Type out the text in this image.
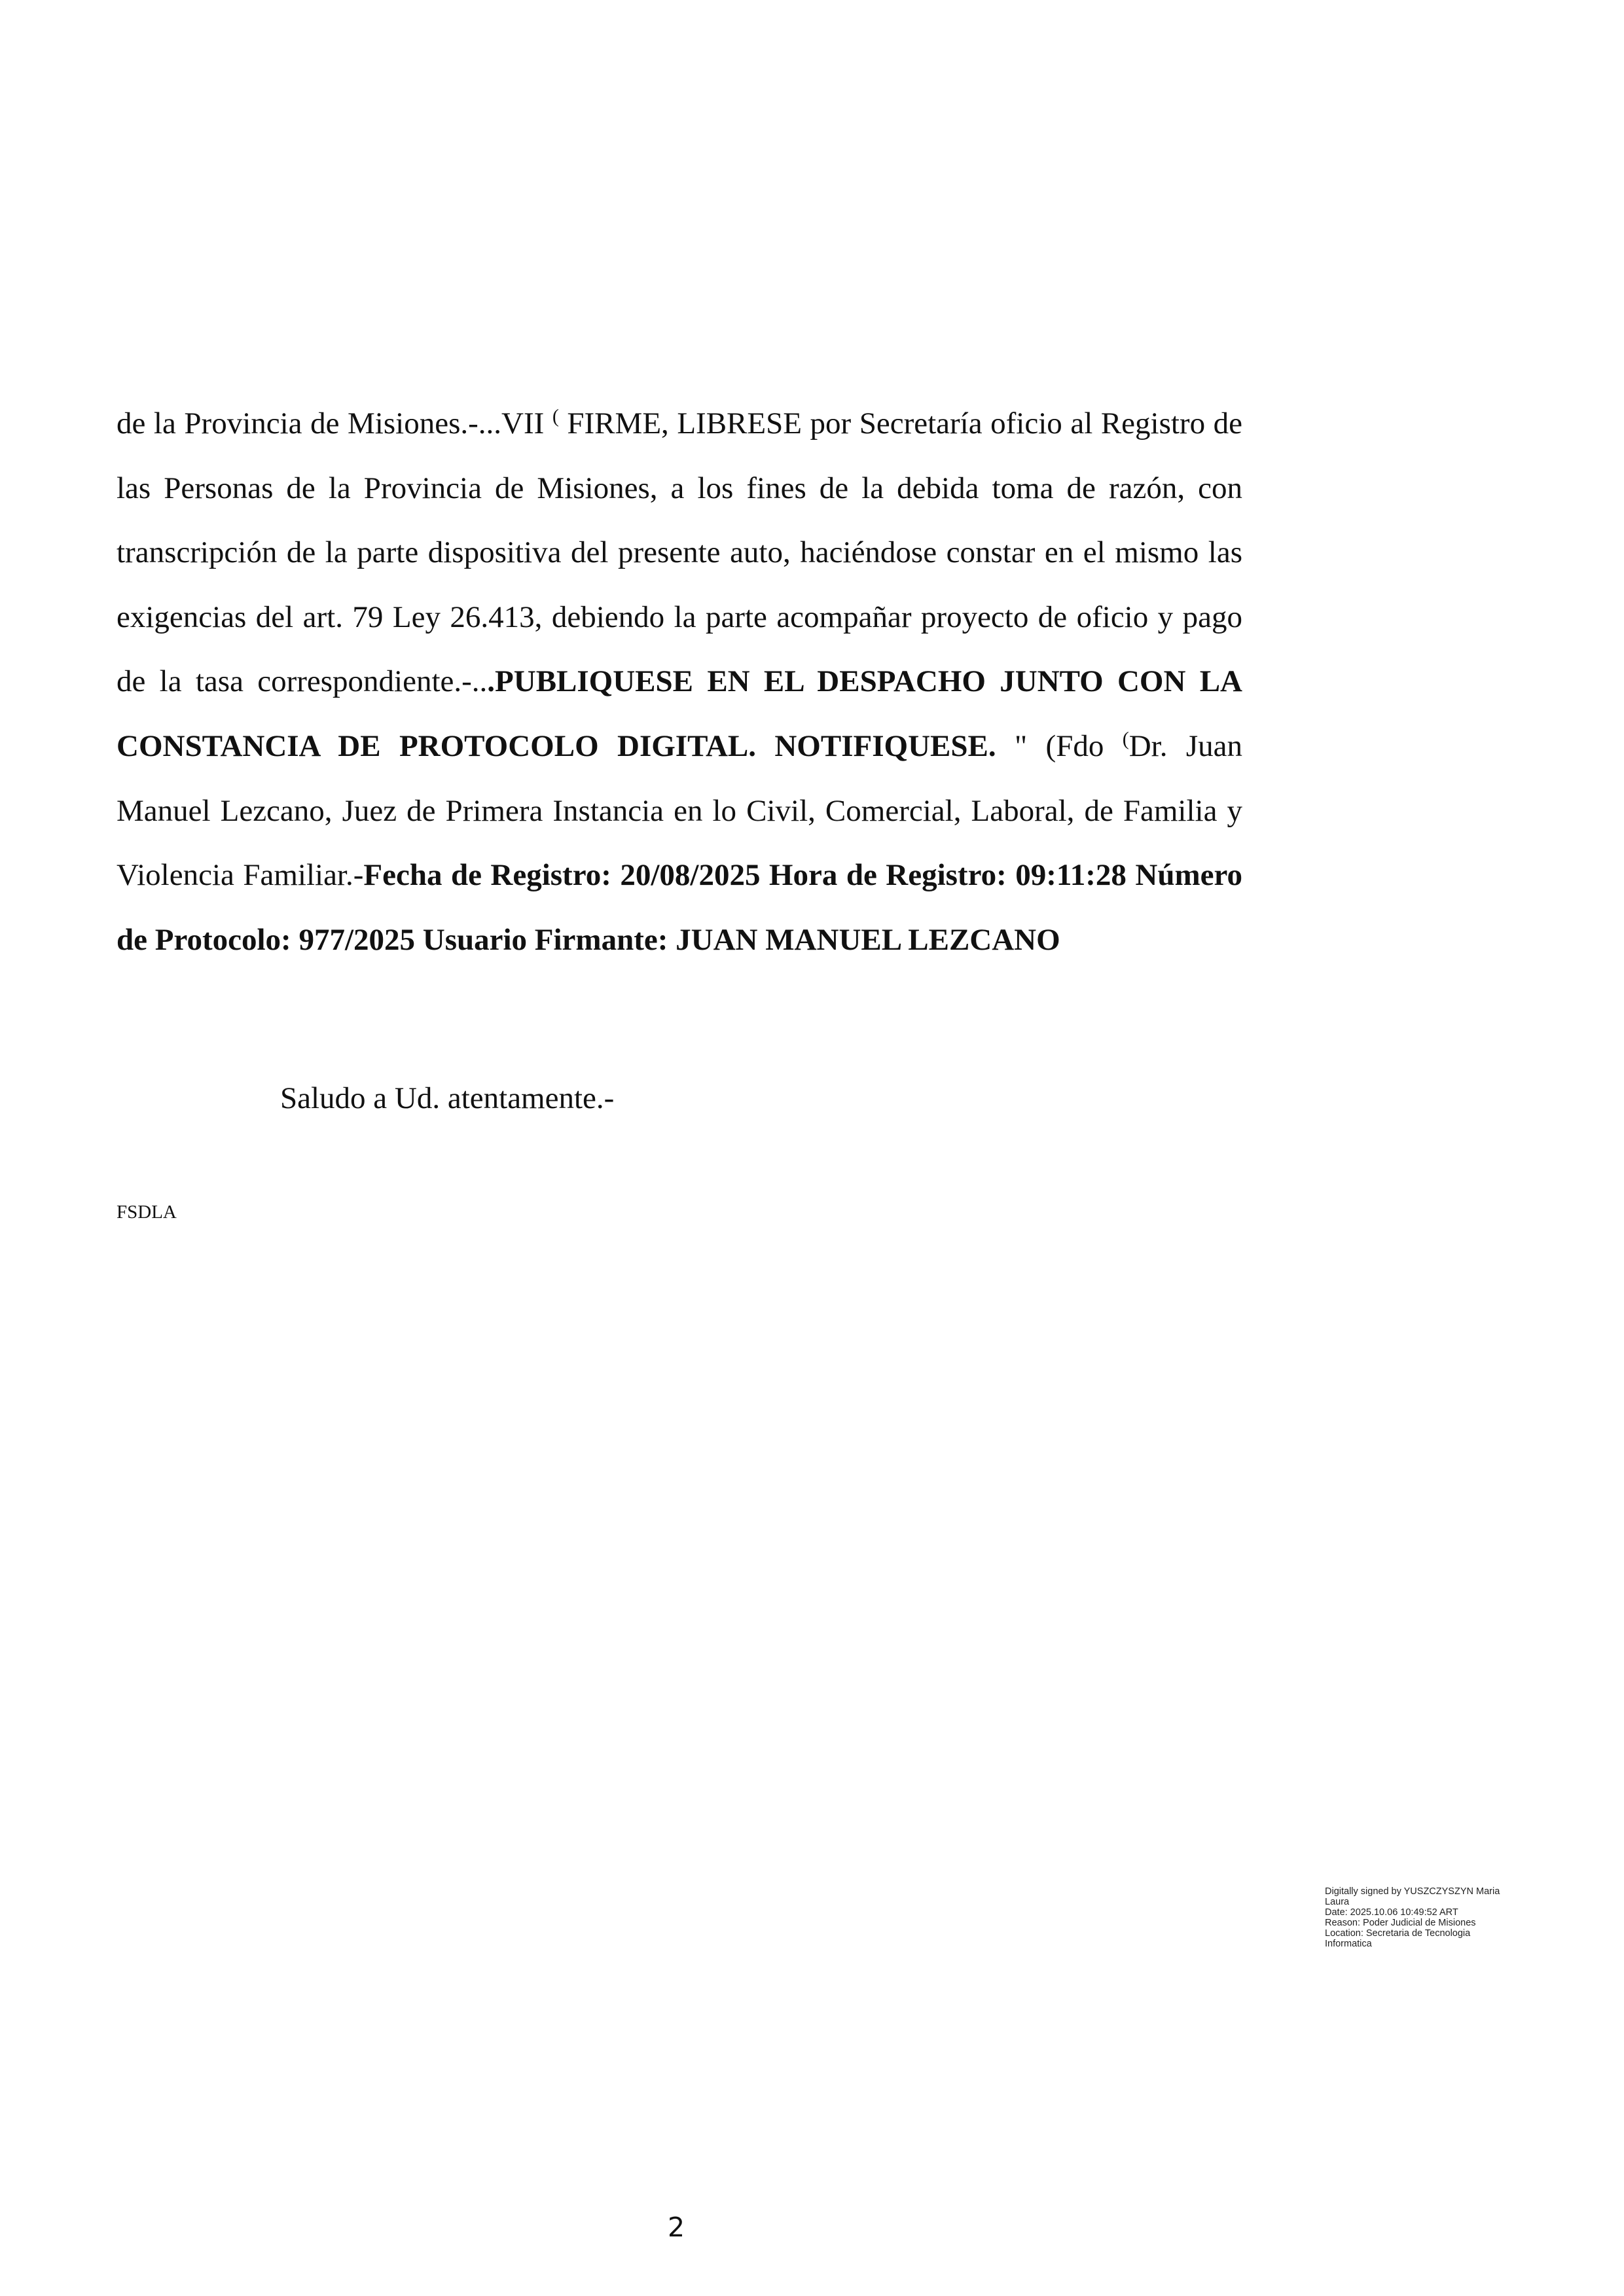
de la Provincia de Misiones.-...VII ( FIRME, LIBRESE por Secretaría oficio al Registro de las Personas de la Provincia de Misiones, a los fines de la debida toma de razón, con transcripción de la parte dispositiva del presente auto, haciéndose constar en el mismo las exigencias del art. 79 Ley 26.413, debiendo la parte acompañar proyecto de oficio y pago de la tasa correspondiente.-...PUBLIQUESE EN EL DESPACHO JUNTO CON LA CONSTANCIA DE PROTOCOLO DIGITAL. NOTIFIQUESE. " (Fdo (Dr. Juan Manuel Lezcano, Juez de Primera Instancia en lo Civil, Comercial, Laboral, de Familia y Violencia Familiar.-Fecha de Registro: 20/08/2025 Hora de Registro: 09:11:28 Número de Protocolo: 977/2025 Usuario Firmante: JUAN MANUEL LEZCANO

Saludo a Ud. atentamente.-

FSDLA

Digitally signed by YUSZCZYSZYN Maria
Laura
Date: 2025.10.06 10:49:52 ART
Reason: Poder Judicial de Misiones
Location: Secretaria de Tecnologia
Informatica
2
